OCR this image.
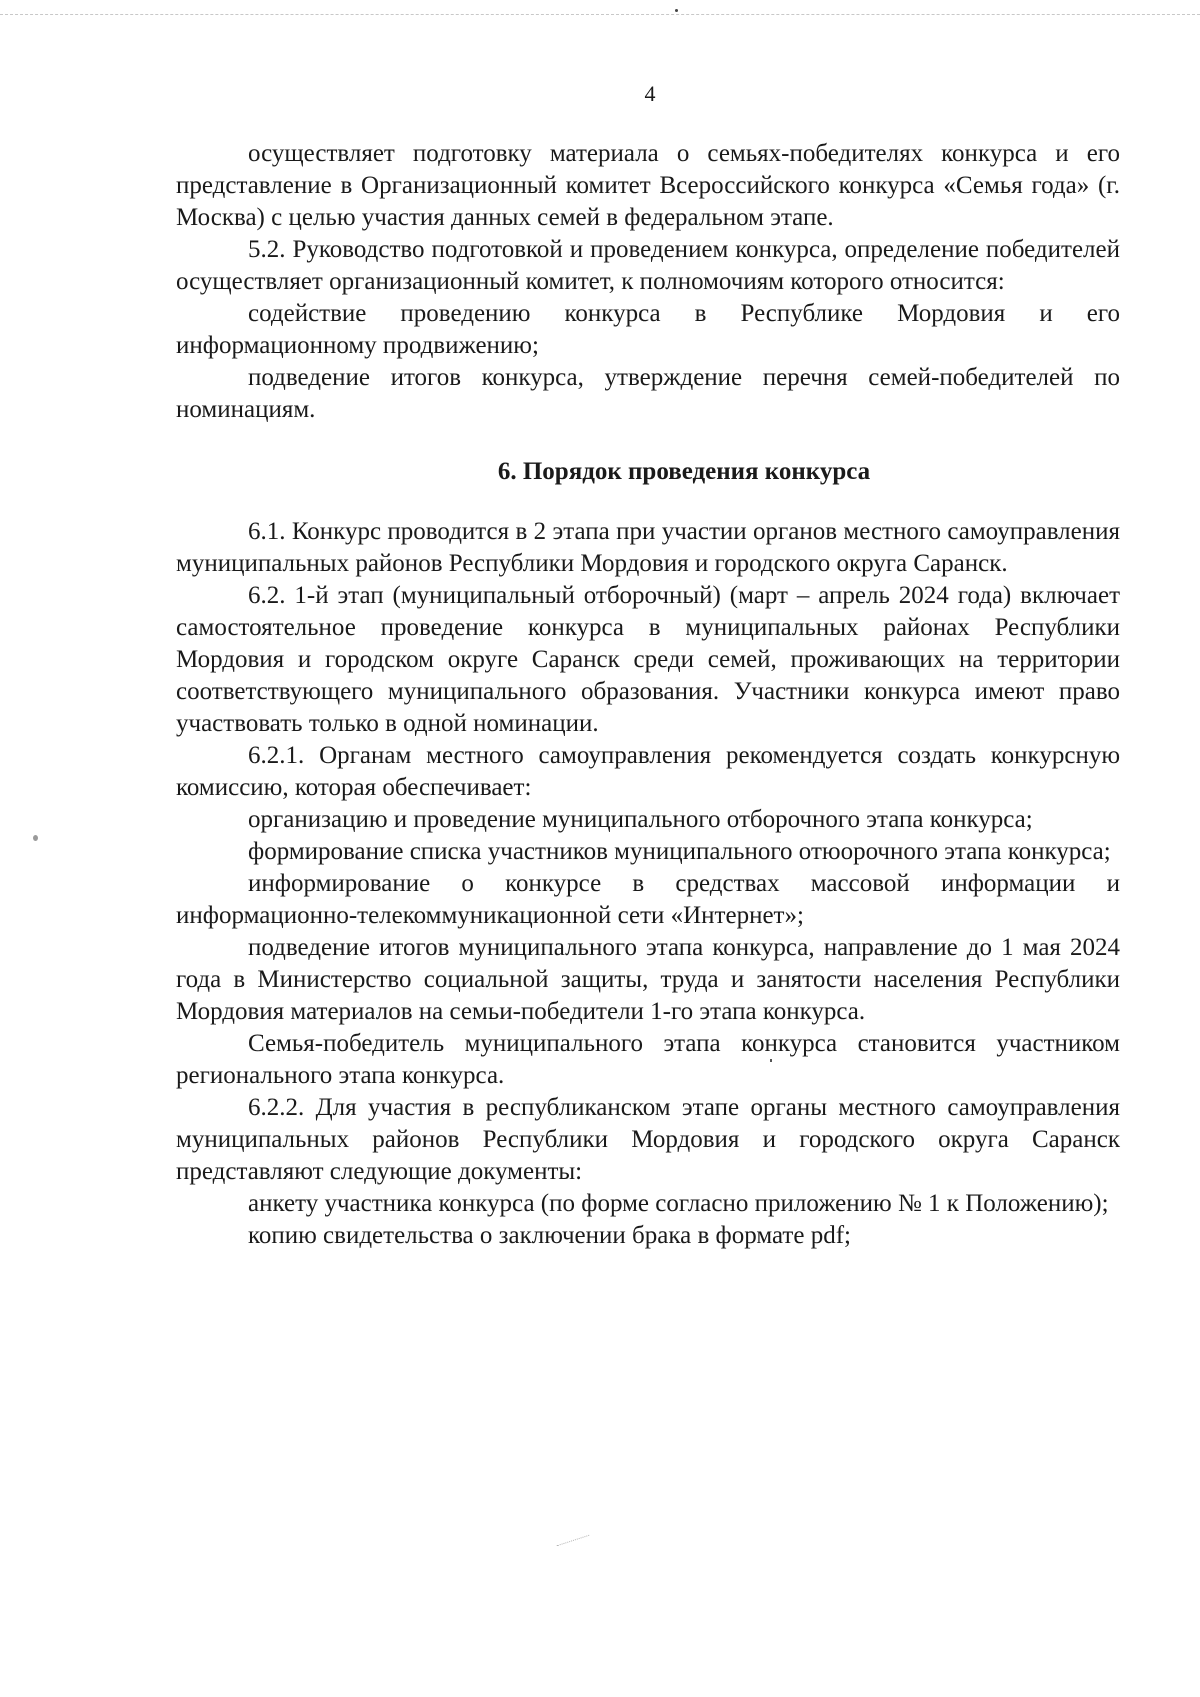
4

осуществляет подготовку материала о семьях-победителях конкурса и его представление в Организационный комитет Всероссийского конкурса «Семья года» (г. Москва) с целью участия данных семей в федеральном этапе.

5.2. Руководство подготовкой и проведением конкурса, определение победителей осуществляет организационный комитет, к полномочиям которого относится:

содействие проведению конкурса в Республике Мордовия и его информационному продвижению;

подведение итогов конкурса, утверждение перечня семей-победителей по номинациям.

6. Порядок проведения конкурса

6.1. Конкурс проводится в 2 этапа при участии органов местного самоуправления муниципальных районов Республики Мордовия и городского округа Саранск.

6.2. 1-й этап (муниципальный отборочный) (март – апрель 2024 года) включает самостоятельное проведение конкурса в муниципальных районах Республики Мордовия и городском округе Саранск среди семей, проживающих на территории соответствующего муниципального образования. Участники конкурса имеют право участвовать только в одной номинации.

6.2.1. Органам местного самоуправления рекомендуется создать конкурсную комиссию, которая обеспечивает:

организацию и проведение муниципального отборочного этапа конкурса;

формирование списка участников муниципального отюорочного этапа конкурса;

информирование о конкурсе в средствах массовой информации и информационно-телекоммуникационной сети «Интернет»;

подведение итогов муниципального этапа конкурса, направление до 1 мая 2024 года в Министерство социальной защиты, труда и занятости населения Республики Мордовия материалов на семьи-победители 1-го этапа конкурса.

Семья-победитель муниципального этапа конкурса становится участником регионального этапа конкурса.

6.2.2. Для участия в республиканском этапе органы местного самоуправления муниципальных районов Республики Мордовия и городского округа Саранск представляют следующие документы:

анкету участника конкурса (по форме согласно приложению № 1 к Положению);

копию свидетельства о заключении брака в формате pdf;
